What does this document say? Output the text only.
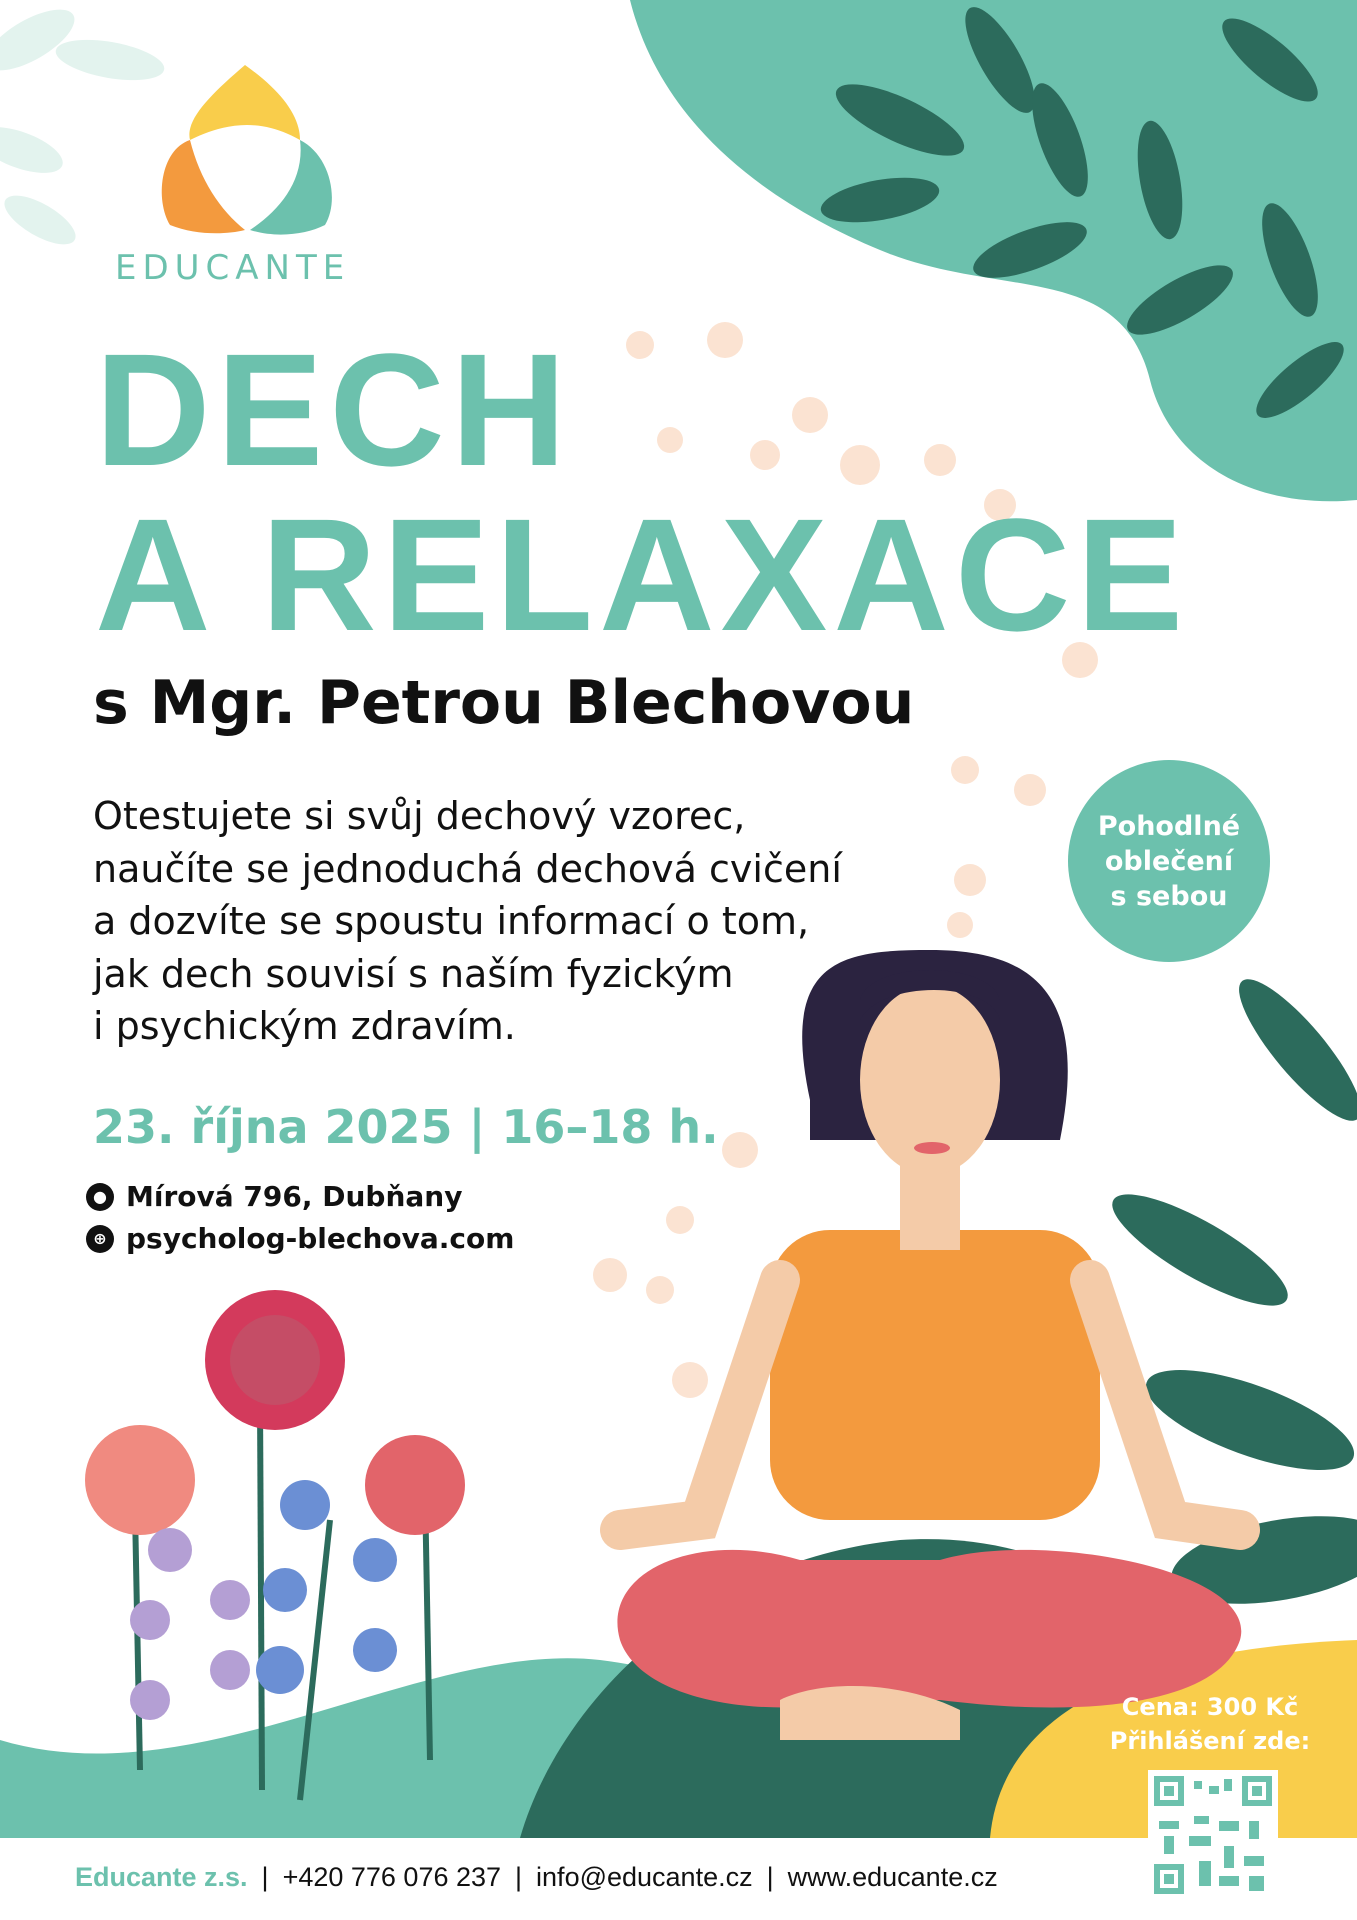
EDUCANTE
DECH
A RELAXACE
s Mgr. Petrou Blechovou
Otestujete si svůj dechový vzorec,
naučíte se jednoduchá dechová cvičení
a dozvíte se spoustu informací o tom,
jak dech souvisí s naším fyzickým
i psychickým zdravím.
23. října 2025 | 16–18 h.
● Mírová 796, Dubňany
⊕ psycholog-blechova.com
Pohodlné
oblečení
s sebou
Cena: 300 Kč
Přihlášení zde:
Educante z.s. | +420 776 076 237 | info@educante.cz | www.educante.cz
